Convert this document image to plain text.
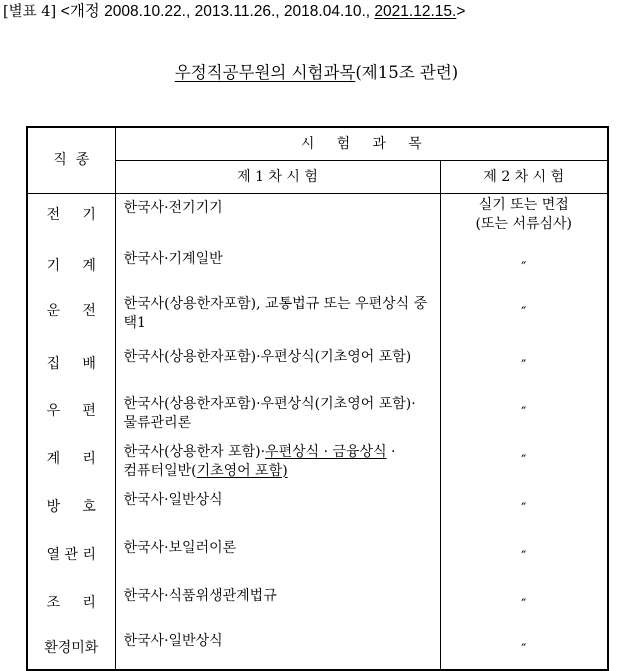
[별표 4] <개정 2008.10.22., 2013.11.26., 2018.04.10., 2021.12.15.>
우정직공무원의 시험과목(제15조 관련)
직  종	시     험     과     목	
	제 1 차 시 험	제 2 차 시 험
전     기	한국사·전기기기	실기 또는 면접
(또는 서류심사)
기     계	한국사·기계일반	″
운     전	한국사(상용한자포함), 교통법규 또는 우편상식 중 택1	″
집     배	한국사(상용한자포함)·우편상식(기초영어 포함)	″
우     편	한국사(상용한자포함)·우편상식(기초영어 포함)·물류관리론	″
계     리	한국사(상용한자 포함)·우편상식 · 금융상식 · 컴퓨터일반(기초영어 포함)	″
방     호	한국사·일반상식	″
열 관 리	한국사·보일러이론	″
조     리	한국사·식품위생관계법규	″
환경미화	한국사·일반상식	″
